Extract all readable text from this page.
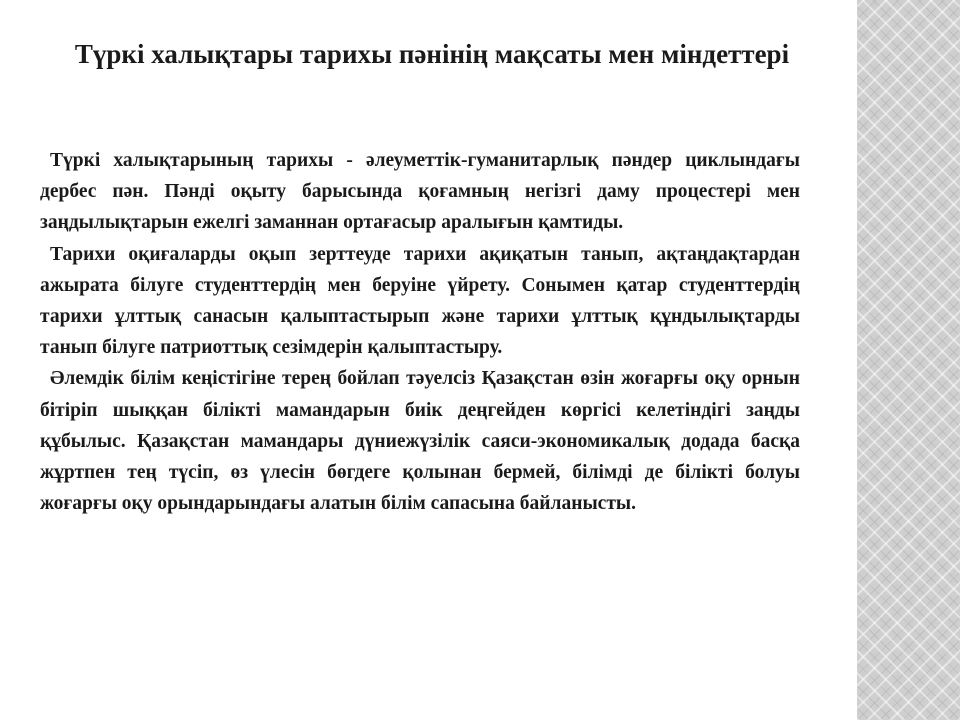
Түркі халықтары тарихы пәнінің мақсаты мен міндеттері

Түркі халықтарының тарихы - әлеуметтік-гуманитарлық пәндер циклындағы дербес пән. Пәнді оқыту барысында қоғамның негізгі даму процестері мен заңдылықтарын ежелгі заманнан ортағасыр аралығын қамтиды.

Тарихи оқиғаларды оқып зерттеуде тарихи ақиқатын танып, ақтаңдақтардан ажырата білуге студенттердің мен беруіне үйрету. Сонымен қатар студенттердің тарихи ұлттық санасын қалыптастырып және тарихи ұлттық құндылықтарды танып білуге патриоттық сезімдерін қалыптастыру.

Әлемдік білім кеңістігіне терең бойлап тәуелсіз Қазақстан өзін жоғарғы оқу орнын бітіріп шыққан білікті мамандарын биік деңгейден көргісі келетіндігі заңды құбылыс. Қазақстан мамандары дүниежүзілік саяси-экономикалық додада басқа жұртпен тең түсіп, өз үлесін бөгдеге қолынан бермей, білімді де білікті болуы жоғарғы оқу орындарындағы алатын білім сапасына байланысты.
